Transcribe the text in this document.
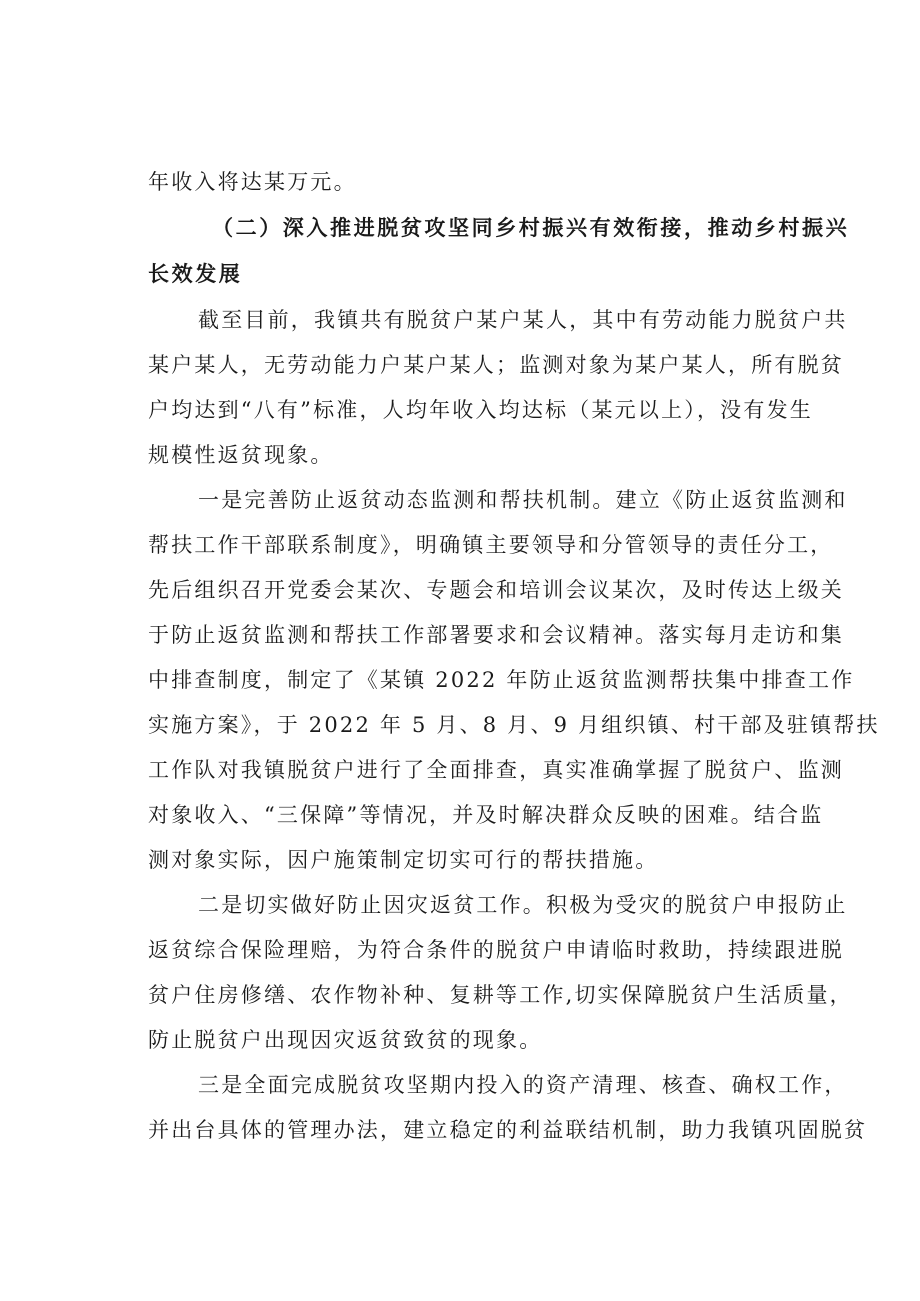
年收入将达某万元。
（二）深入推进脱贫攻坚同乡村振兴有效衔接，推动乡村振兴
长效发展
截至目前，我镇共有脱贫户某户某人，其中有劳动能力脱贫户共
某户某人，无劳动能力户某户某人；监测对象为某户某人，所有脱贫
户均达到“八有”标准，人均年收入均达标（某元以上），没有发生
规模性返贫现象。
一是完善防止返贫动态监测和帮扶机制。建立《防止返贫监测和
帮扶工作干部联系制度》，明确镇主要领导和分管领导的责任分工，
先后组织召开党委会某次、专题会和培训会议某次，及时传达上级关
于防止返贫监测和帮扶工作部署要求和会议精神。落实每月走访和集
中排查制度，制定了《某镇 2022 年防止返贫监测帮扶集中排查工作
实施方案》，于 2022 年 5 月、8 月、9 月组织镇、村干部及驻镇帮扶
工作队对我镇脱贫户进行了全面排查，真实准确掌握了脱贫户、监测
对象收入、“三保障”等情况，并及时解决群众反映的困难。结合监
测对象实际，因户施策制定切实可行的帮扶措施。
二是切实做好防止因灾返贫工作。积极为受灾的脱贫户申报防止
返贫综合保险理赔，为符合条件的脱贫户申请临时救助，持续跟进脱
贫户住房修缮、农作物补种、复耕等工作,切实保障脱贫户生活质量，
防止脱贫户出现因灾返贫致贫的现象。
三是全面完成脱贫攻坚期内投入的资产清理、核查、确权工作，
并出台具体的管理办法，建立稳定的利益联结机制，助力我镇巩固脱贫
